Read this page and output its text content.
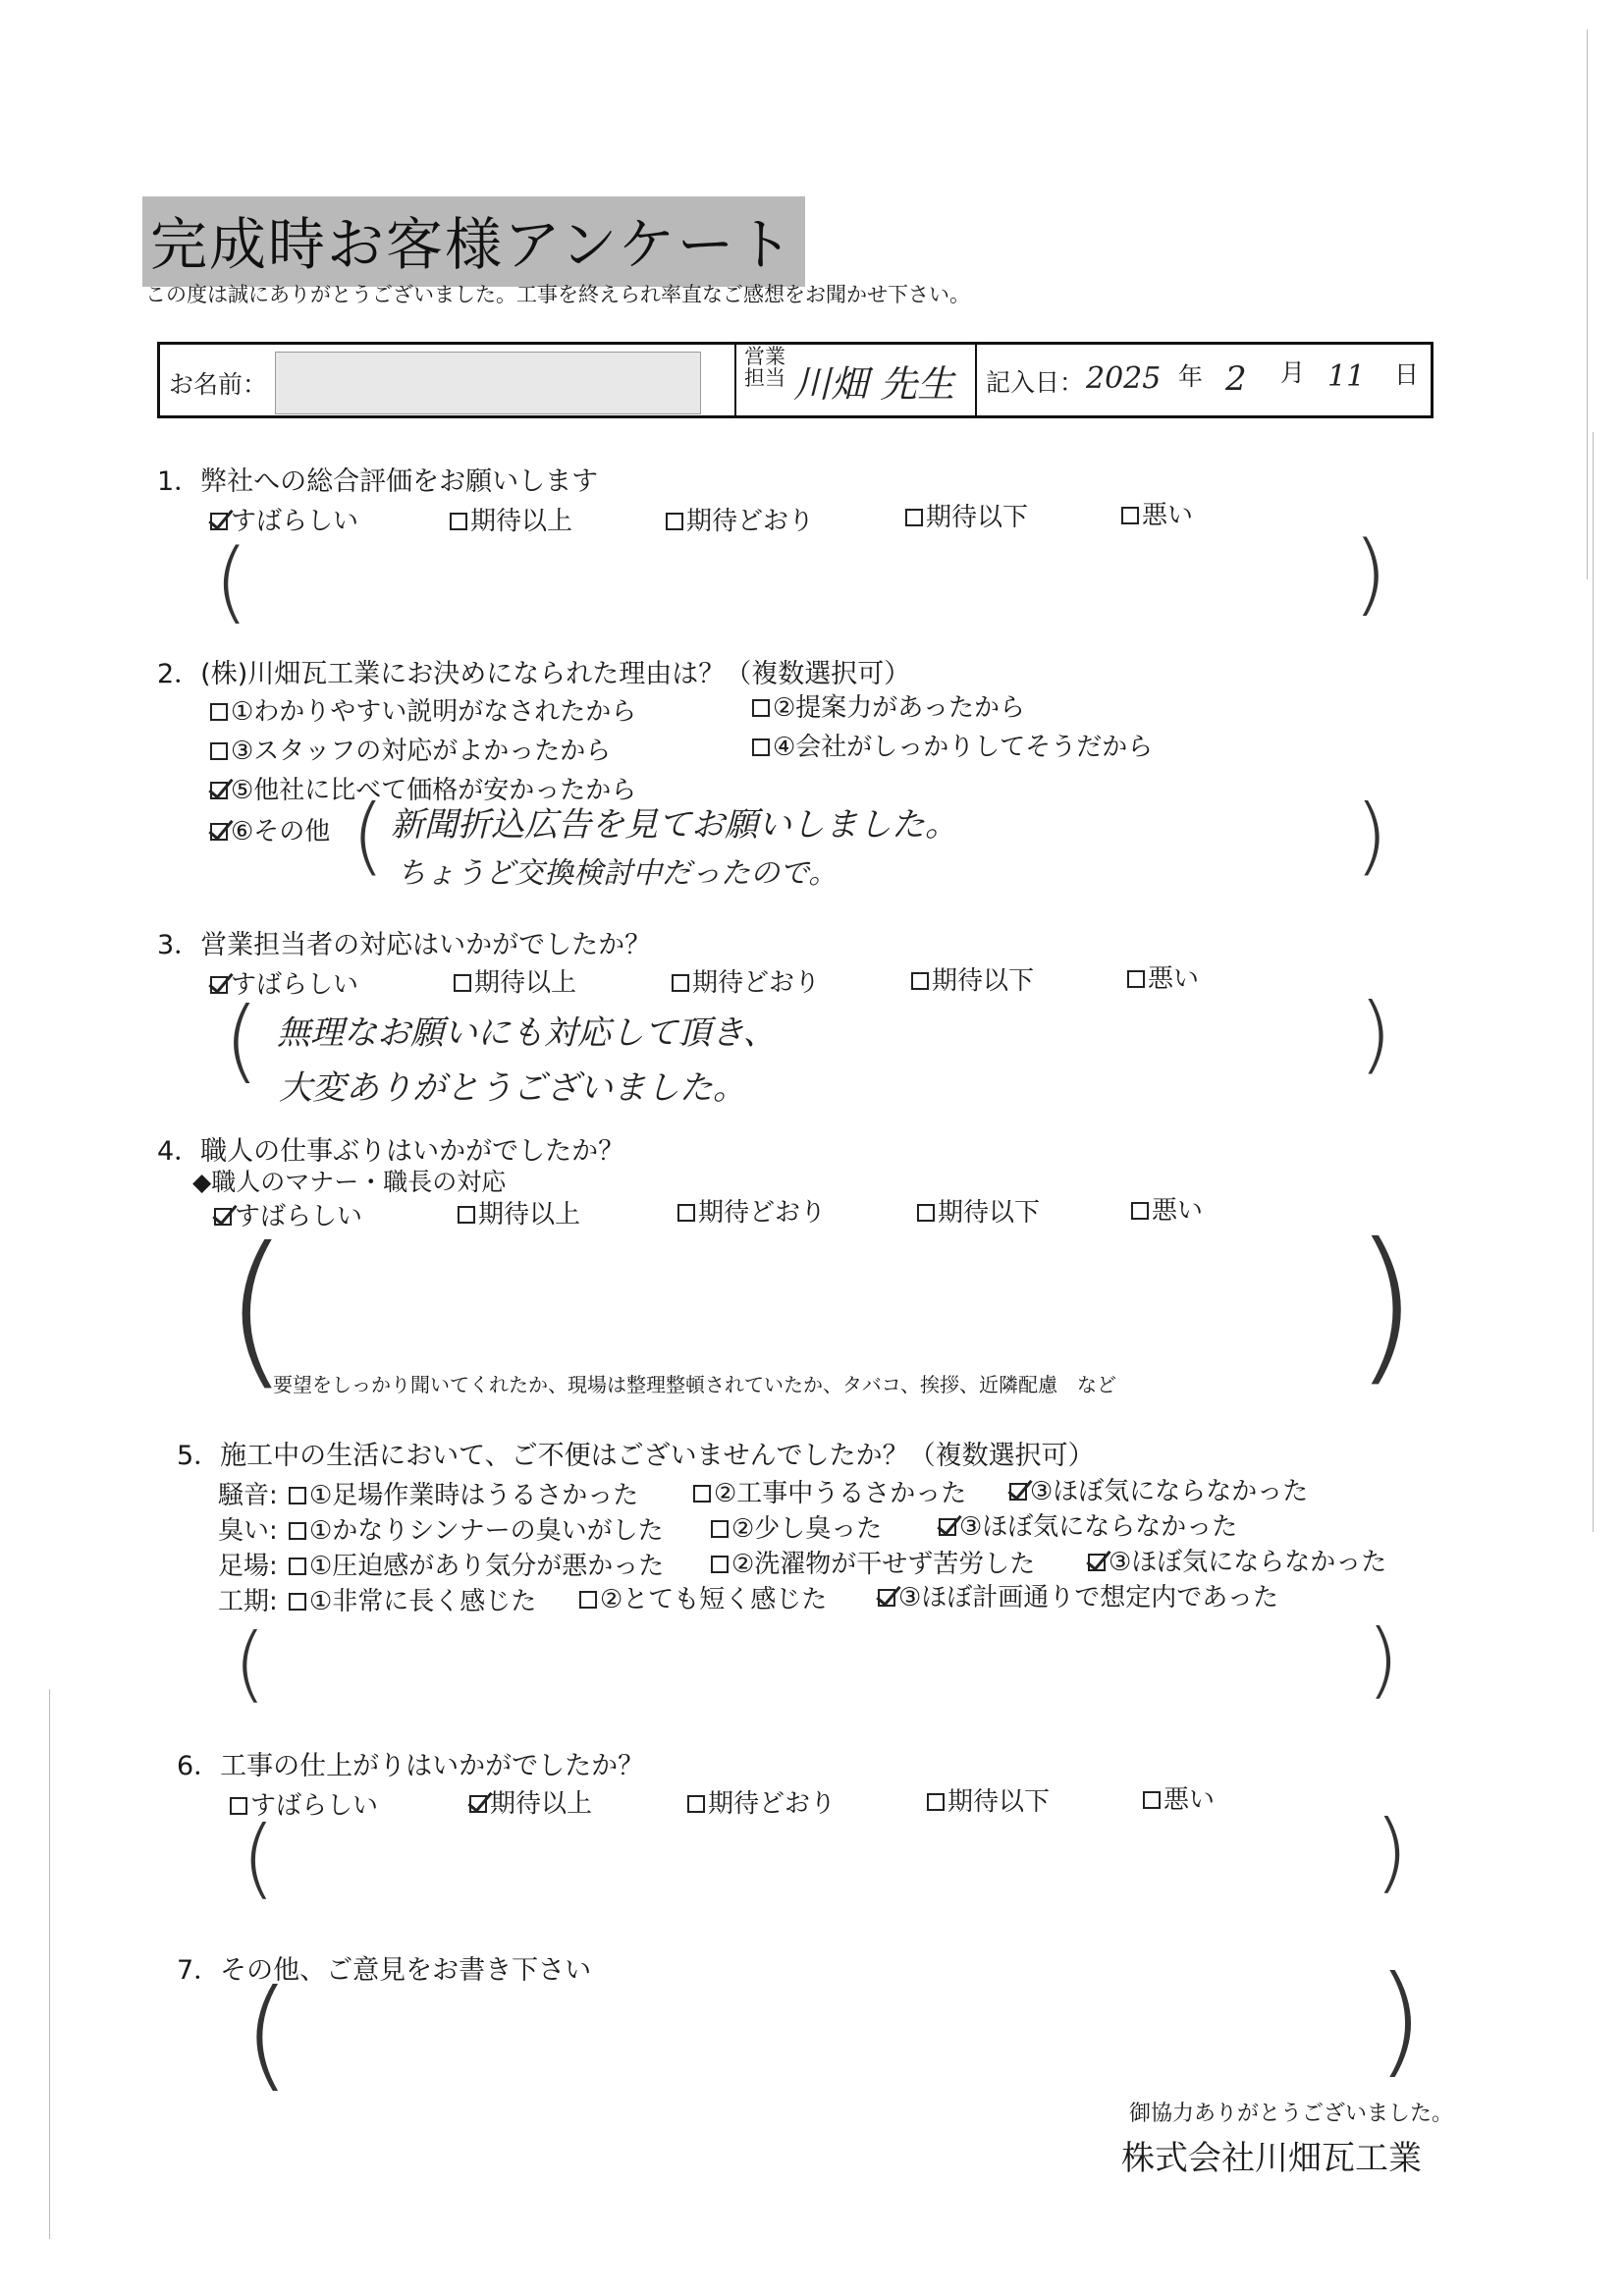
完成時お客様アンケート
この度は誠にありがとうございました。工事を終えられ率直なご感想をお聞かせ下さい。
お名前：
営業
担当 川畑 先生 記入日： 2025 年 2 月 11 日
1．弊社への総合評価をお願いします
すばらしい	期待以上	期待どおり	期待以下	悪い
(	)
2．(株)川畑瓦工業にお決めになられた理由は？（複数選択可）
①わかりやすい説明がなされたから	②提案力があったから
③スタッフの対応がよかったから	④会社がしっかりしてそうだから
⑤他社に比べて価格が安かったから
⑥その他 (	)
新聞折込広告を見てお願いしました。
ちょうど交換検討中だったので。
3．営業担当者の対応はいかがでしたか？
すばらしい	期待以上	期待どおり	期待以下	悪い
(	)
無理なお願いにも対応して頂き、
大変ありがとうございました。
4．職人の仕事ぶりはいかがでしたか？
◆職人のマナー・職長の対応
すばらしい	期待以上	期待どおり	期待以下	悪い
(	)
要望をしっかり聞いてくれたか、現場は整理整頓されていたか、タバコ、挨拶、近隣配慮　など
5．施工中の生活において、ご不便はございませんでしたか？（複数選択可）
騒音:	①足場作業時はうるさかった	②工事中うるさかった	③ほぼ気にならなかった
臭い:	①かなりシンナーの臭いがした	②少し臭った	③ほぼ気にならなかった
足場:	①圧迫感があり気分が悪かった	②洗濯物が干せず苦労した	③ほぼ気にならなかった
工期:	①非常に長く感じた	②とても短く感じた	③ほぼ計画通りで想定内であった
(	)
6．工事の仕上がりはいかがでしたか？
すばらしい	期待以上	期待どおり	期待以下	悪い
(	)
7．その他、ご意見をお書き下さい
(	)
御協力ありがとうございました。
株式会社川畑瓦工業
